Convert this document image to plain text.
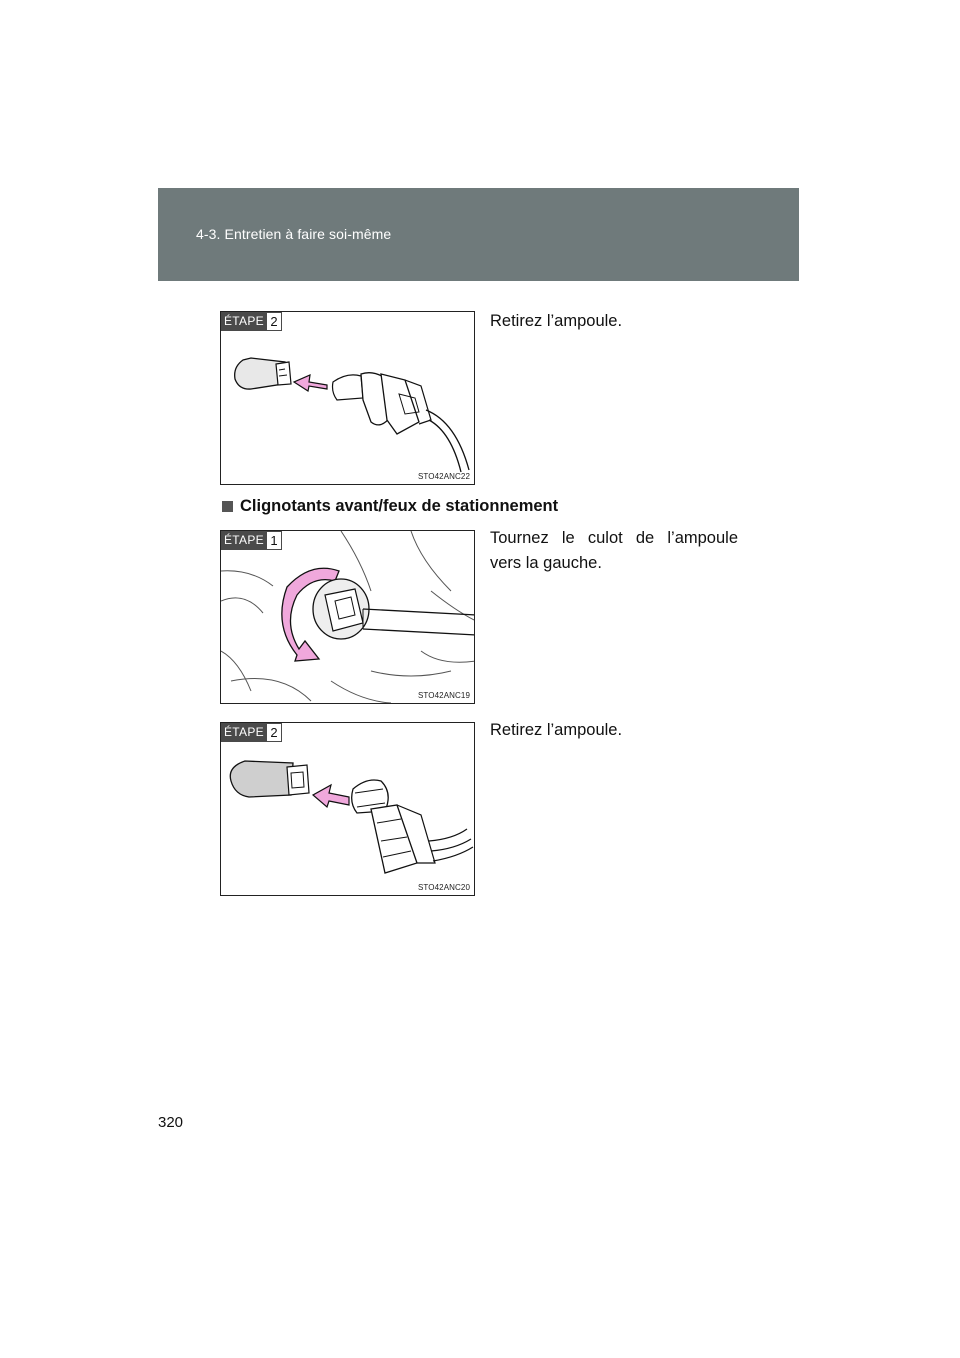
4-3. Entretien à faire soi-même
ÉTAPE 2
STO42ANC22
Retirez l’ampoule.
Clignotants avant/feux de stationnement
ÉTAPE 1
STO42ANC19
Tournez le culot de l’ampoule vers la gauche.
ÉTAPE 2
STO42ANC20
Retirez l’ampoule.
320
